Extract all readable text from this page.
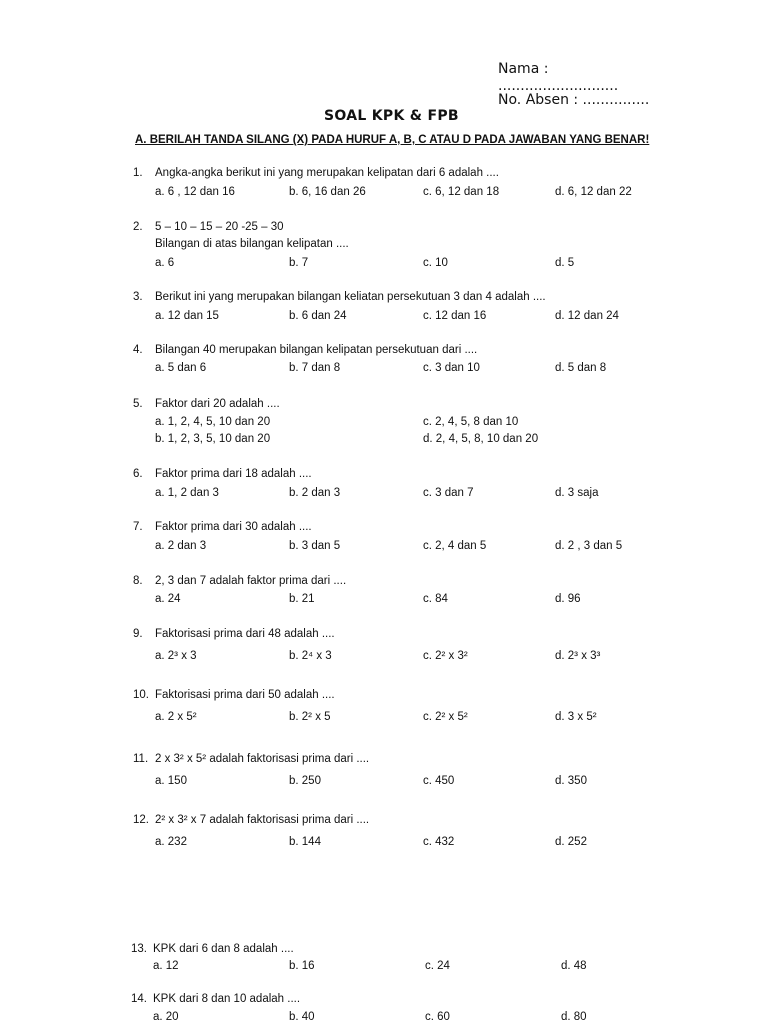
Nama :
...........................
No. Absen : ...............
SOAL KPK & FPB
A. BERILAH TANDA SILANG (X) PADA HURUF A, B, C ATAU D PADA JAWABAN YANG BENAR!
1. Angka-angka berikut ini yang merupakan kelipatan dari 6 adalah ....
a. 6 , 12 dan 16	b. 6, 16 dan 26	c. 6, 12 dan 18	d. 6, 12 dan 22
2. 5 – 10 – 15 – 20 -25 – 30
Bilangan di atas bilangan kelipatan ....
a. 6	b. 7	c. 10	d. 5
3. Berikut ini yang merupakan bilangan keliatan persekutuan 3 dan 4 adalah ....
a. 12 dan 15	b. 6 dan 24	c. 12 dan 16	d. 12 dan 24
4. Bilangan 40 merupakan bilangan kelipatan persekutuan dari ....
a. 5 dan 6	b. 7 dan 8	c. 3 dan 10	d. 5 dan 8
5. Faktor dari 20 adalah ....
a. 1, 2, 4, 5, 10 dan 20
b. 1, 2, 3, 5, 10 dan 20
c. 2, 4, 5, 8 dan 10
d. 2, 4, 5, 8, 10 dan 20
6. Faktor prima dari 18 adalah ....
a. 1, 2 dan 3	b. 2 dan 3	c. 3 dan 7	d. 3 saja
7. Faktor prima dari 30 adalah ....
a. 2 dan 3	b. 3 dan 5	c. 2, 4 dan 5	d. 2 , 3 dan 5
8. 2, 3 dan 7 adalah faktor prima dari ....
a. 24	b. 21	c. 84	d. 96
9. Faktorisasi prima dari 48 adalah ....
a. 2³ x 3	b. 2⁴ x 3	c. 2² x 3²	d. 2³ x 3³
10. Faktorisasi prima dari 50 adalah ....
a. 2 x 5²	b. 2² x 5	c. 2² x 5²	d. 3 x 5²
11. 2 x 3² x 5² adalah faktorisasi prima dari ....
a. 150	b. 250	c. 450	d. 350
12. 2² x 3² x 7 adalah faktorisasi prima dari ....
a. 232	b. 144	c. 432	d. 252
13. KPK dari 6 dan 8 adalah ....
a. 12	b. 16	c. 24	d. 48
14. KPK dari 8 dan 10 adalah ....
a. 20	b. 40	c. 60	d. 80
